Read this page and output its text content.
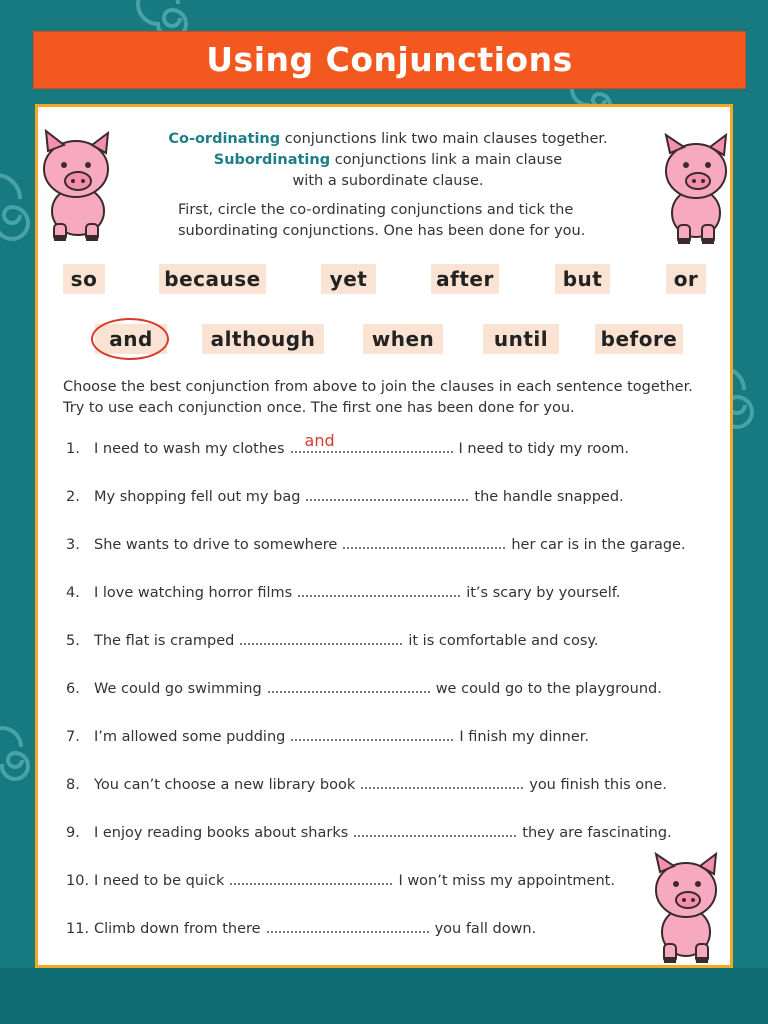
Using Conjunctions
Co-ordinating conjunctions link two main clauses together.
Subordinating conjunctions link a main clause
with a subordinate clause.
First, circle the co-ordinating conjunctions and tick the subordinating conjunctions. One has been done for you.
so	because	yet	after	but	or
and	although	when	until	before
Choose the best conjunction from above to join the clauses in each sentence together. Try to use each conjunction once. The first one has been done for you.
1. I need to wash my clothes and	I need to tidy my room.
2. My shopping fell out my bag	the handle snapped.
3. She wants to drive to somewhere	her car is in the garage.
4. I love watching horror films	it’s scary by yourself.
5. The flat is cramped	it is comfortable and cosy.
6. We could go swimming	we could go to the playground.
7. I’m allowed some pudding	I finish my dinner.
8. You can’t choose a new library book	you finish this one.
9. I enjoy reading books about sharks	they are fascinating.
10. I need to be quick	I won’t miss my appointment.
11. Climb down from there	you fall down.
